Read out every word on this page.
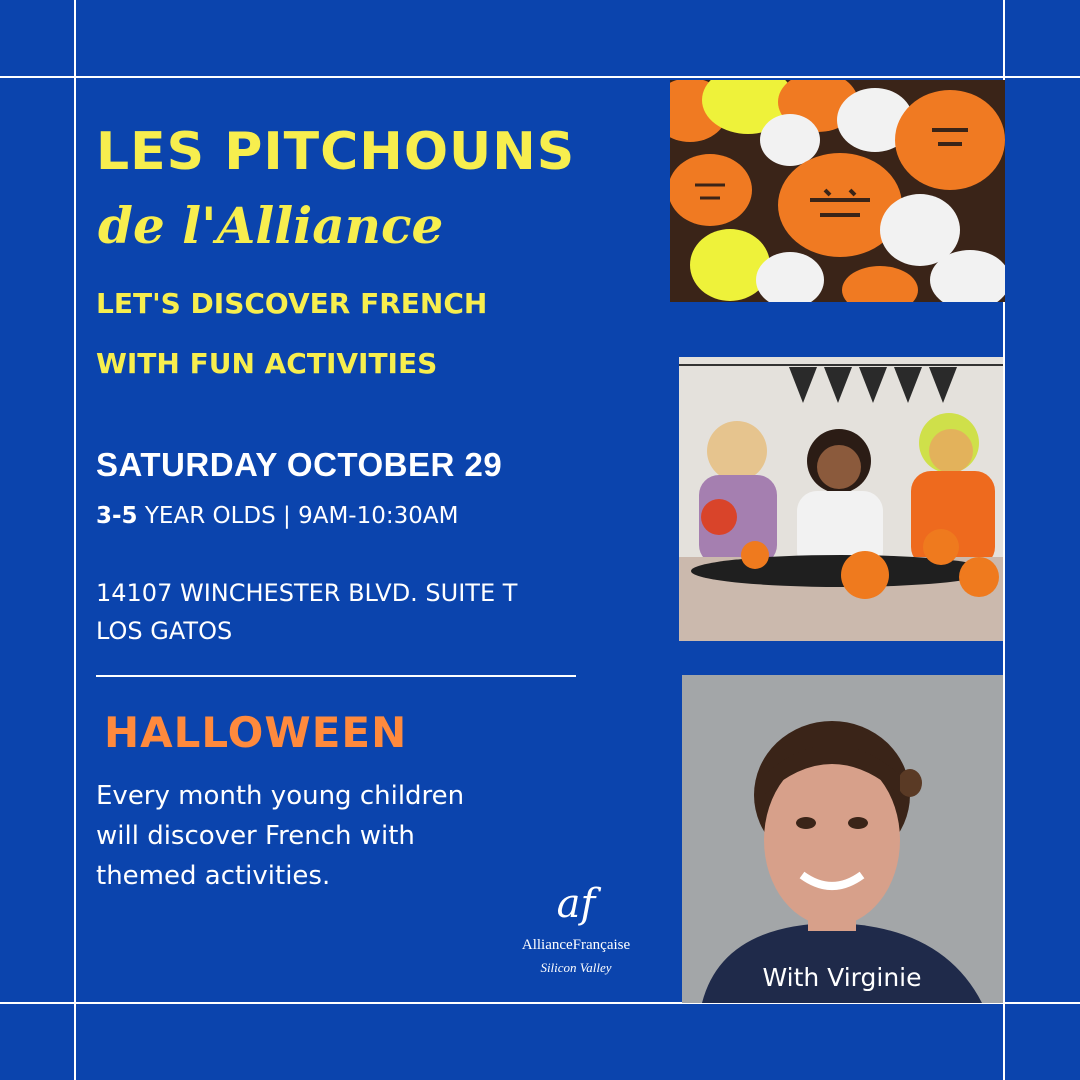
LES PITCHOUNS
de l'Alliance

LET'S DISCOVER FRENCH

WITH FUN ACTIVITIES

SATURDAY OCTOBER 29

3-5 YEAR OLDS | 9AM-10:30AM

14107 WINCHESTER BLVD. SUITE T

LOS GATOS

HALLOWEEN

Every month young children

will discover French with

themed activities.

af
AllianceFrançaise
Silicon Valley	With Virginie
